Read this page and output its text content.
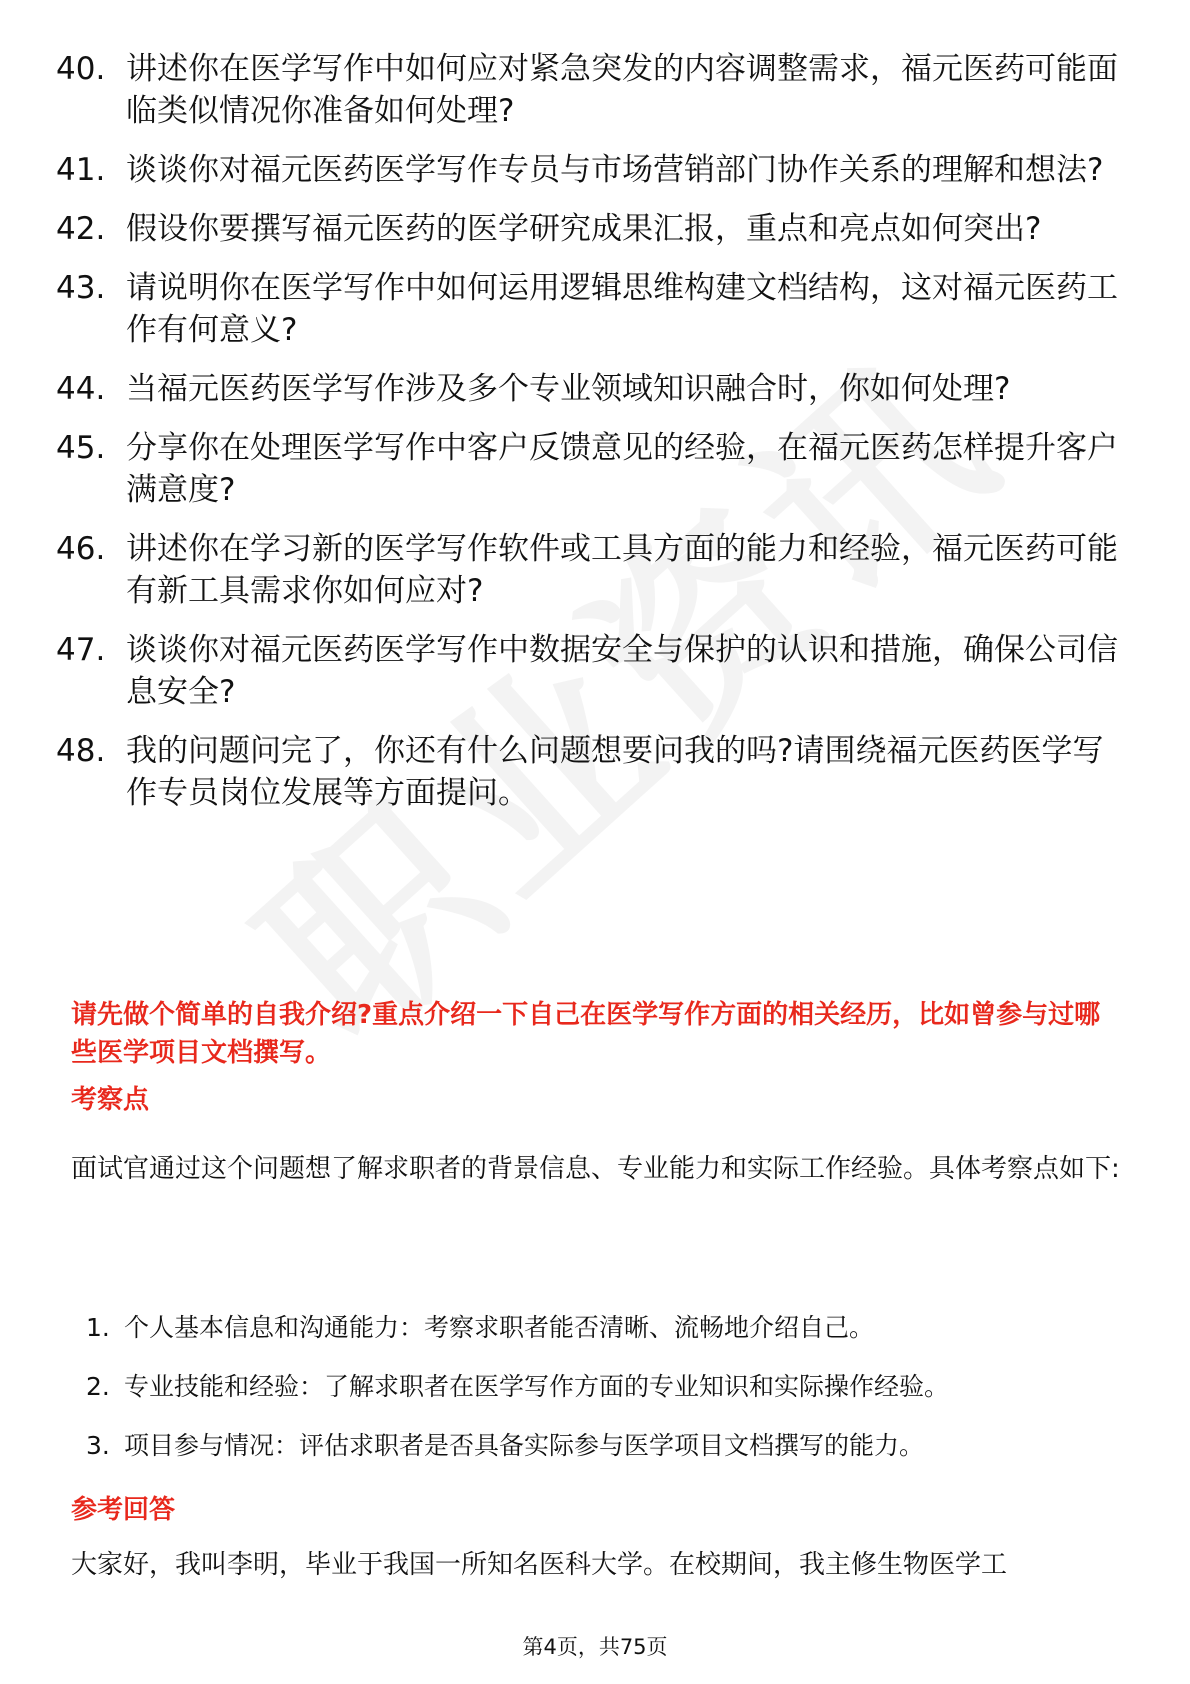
40. 讲述你在医学写作中如何应对紧急突发的内容调整需求，福元医药可能面临类似情况你准备如何处理?
41. 谈谈你对福元医药医学写作专员与市场营销部门协作关系的理解和想法?
42. 假设你要撰写福元医药的医学研究成果汇报，重点和亮点如何突出?
43. 请说明你在医学写作中如何运用逻辑思维构建文档结构，这对福元医药工作有何意义?
44. 当福元医药医学写作涉及多个专业领域知识融合时，你如何处理?
45. 分享你在处理医学写作中客户反馈意见的经验，在福元医药怎样提升客户满意度?
46. 讲述你在学习新的医学写作软件或工具方面的能力和经验，福元医药可能有新工具需求你如何应对?
47. 谈谈你对福元医药医学写作中数据安全与保护的认识和措施，确保公司信息安全?
48. 我的问题问完了，你还有什么问题想要问我的吗?请围绕福元医药医学写作专员岗位发展等方面提问。
请先做个简单的自我介绍?重点介绍一下自己在医学写作方面的相关经历，比如曾参与过哪些医学项目文档撰写。
考察点
面试官通过这个问题想了解求职者的背景信息、专业能力和实际工作经验。具体考察点如下:
1. 个人基本信息和沟通能力：考察求职者能否清晰、流畅地介绍自己。
2. 专业技能和经验：了解求职者在医学写作方面的专业知识和实际操作经验。
3. 项目参与情况：评估求职者是否具备实际参与医学项目文档撰写的能力。
参考回答
大家好，我叫李明，毕业于我国一所知名医科大学。在校期间，我主修生物医学工
第4页，共75页
